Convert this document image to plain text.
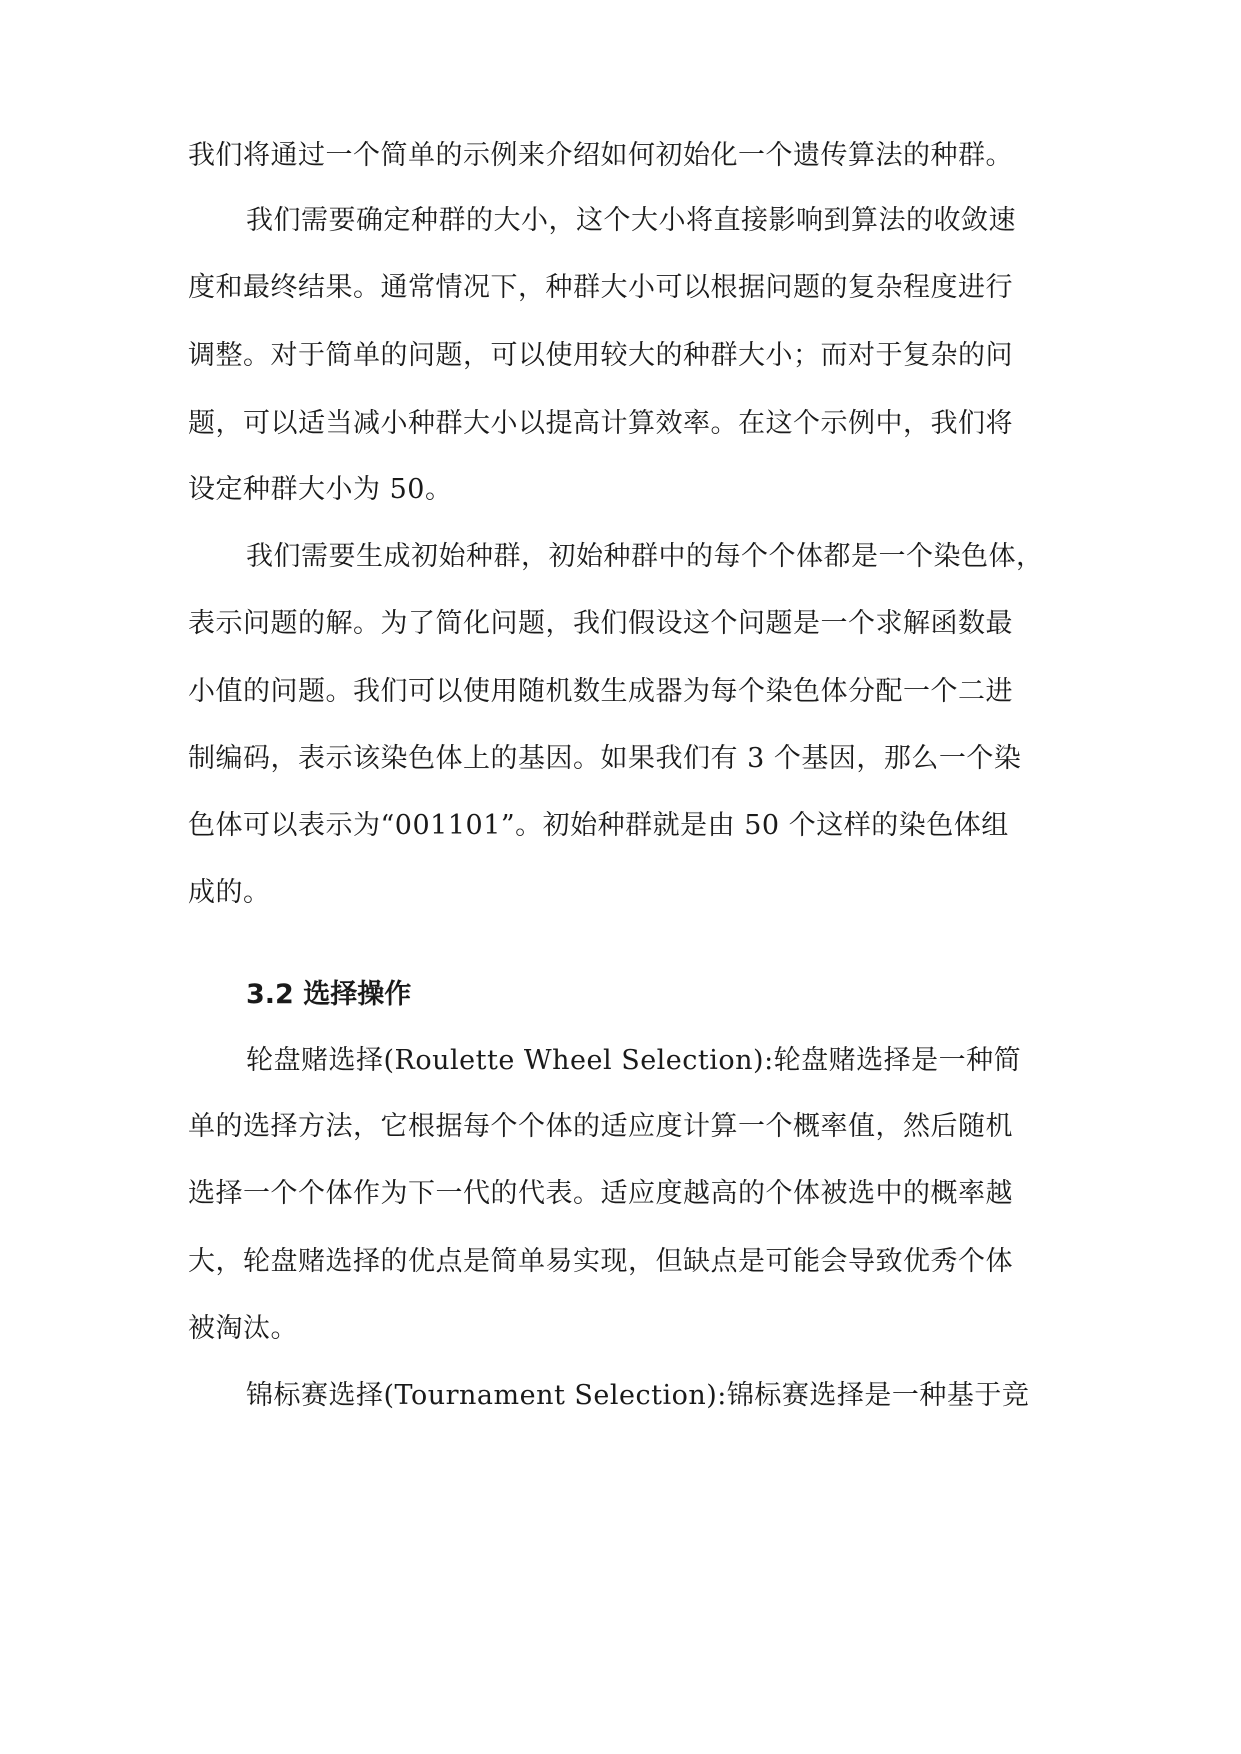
我们将通过一个简单的示例来介绍如何初始化一个遗传算法的种群。

我们需要确定种群的大小，这个大小将直接影响到算法的收敛速

度和最终结果。通常情况下，种群大小可以根据问题的复杂程度进行

调整。对于简单的问题，可以使用较大的种群大小；而对于复杂的问

题，可以适当减小种群大小以提高计算效率。在这个示例中，我们将

设定种群大小为 50。

我们需要生成初始种群，初始种群中的每个个体都是一个染色体，

表示问题的解。为了简化问题，我们假设这个问题是一个求解函数最

小值的问题。我们可以使用随机数生成器为每个染色体分配一个二进

制编码，表示该染色体上的基因。如果我们有 3 个基因，那么一个染

色体可以表示为“001101”。初始种群就是由 50 个这样的染色体组

成的。

3.2 选择操作

轮盘赌选择(Roulette Wheel Selection):轮盘赌选择是一种简

单的选择方法，它根据每个个体的适应度计算一个概率值，然后随机

选择一个个体作为下一代的代表。适应度越高的个体被选中的概率越

大，轮盘赌选择的优点是简单易实现，但缺点是可能会导致优秀个体

被淘汰。

锦标赛选择(Tournament Selection):锦标赛选择是一种基于竞
